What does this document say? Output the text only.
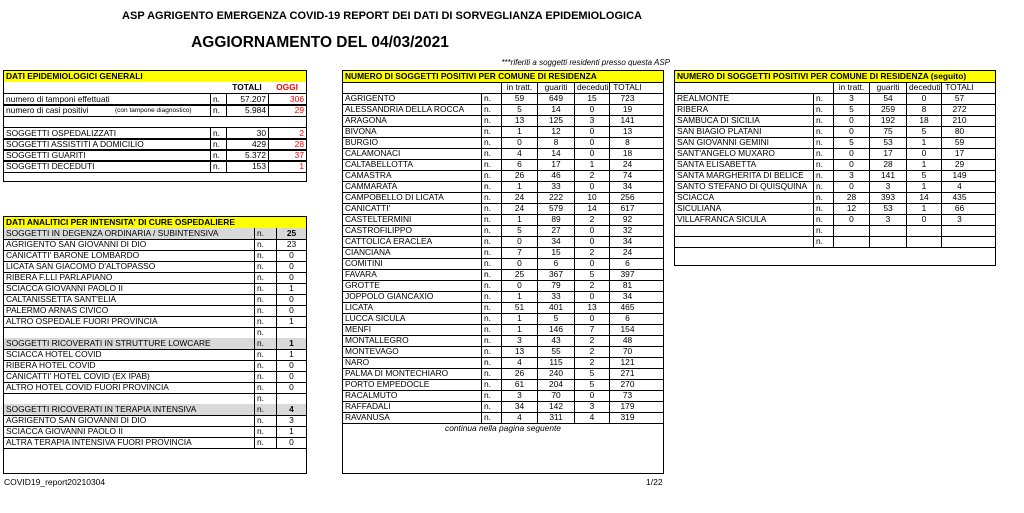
ASP AGRIGENTO EMERGENZA COVID-19 REPORT DEI DATI DI SORVEGLIANZA EPIDEMIOLOGICA
AGGIORNAMENTO DEL 04/03/2021
***riferiti a soggetti residenti presso questa ASP
DATI EPIDEMIOLOGICI GENERALI
TOTALI	OGGI
numero di tamponi effettuati	n.	57.207	306
numero di casi positivi	(con tampone diagnostico)	n.	5.984	29
SOGGETTI OSPEDALIZZATI	n.	30	2
SOGGETTI ASSISTITI A DOMICILIO	n.	429	28
SOGGETTI GUARITI	n.	5.372	37
SOGGETTI DECEDUTI	n.	153	1
DATI ANALITICI PER INTENSITA' DI CURE OSPEDALIERE
SOGGETTI IN DEGENZA ORDINARIA / SUBINTENSIVA	n.	25
AGRIGENTO SAN GIOVANNI DI DIO	n.	23
CANICATTI' BARONE LOMBARDO	n.	0
LICATA SAN GIACOMO D'ALTOPASSO	n.	0
RIBERA F.LLI PARLAPIANO	n.	0
SCIACCA GIOVANNI PAOLO II	n.	1
CALTANISSETTA SANT'ELIA	n.	0
PALERMO ARNAS CIVICO	n.	0
ALTRO OSPEDALE FUORI PROVINCIA	n.	1
n.
SOGGETTI RICOVERATI IN STRUTTURE LOWCARE	n.	1
SCIACCA HOTEL COVID	n.	1
RIBERA HOTEL COVID	n.	0
CANICATTI' HOTEL COVID (EX IPAB)	n.	0
ALTRO HOTEL COVID FUORI PROVINCIA	n.	0
n.
SOGGETTI RICOVERATI IN TERAPIA INTENSIVA	n.	4
AGRIGENTO SAN GIOVANNI DI DIO	n.	3
SCIACCA GIOVANNI PAOLO II	n.	1
ALTRA TERAPIA INTENSIVA FUORI PROVINCIA	n.	0
NUMERO DI SOGGETTI POSITIVI PER COMUNE DI RESIDENZA
in tratt.	guariti	deceduti TOTALI
AGRIGENTO	n.	59	649	15	723
ALESSANDRIA DELLA ROCCA	n.	5	14	0	19
ARAGONA	n.	13	125	3	141
BIVONA	n.	1	12	0	13
BURGIO	n.	0	8	0	8
CALAMONACI	n.	4	14	0	18
CALTABELLOTTA	n.	6	17	1	24
CAMASTRA	n.	26	46	2	74
CAMMARATA	n.	1	33	0	34
CAMPOBELLO DI LICATA	n.	24	222	10	256
CANICATTI'	n.	24	579	14	617
CASTELTERMINI	n.	1	89	2	92
CASTROFILIPPO	n.	5	27	0	32
CATTOLICA ERACLEA	n.	0	34	0	34
CIANCIANA	n.	7	15	2	24
COMITINI	n.	0	6	0	6
FAVARA	n.	25	367	5	397
GROTTE	n.	0	79	2	81
JOPPOLO GIANCAXIO	n.	1	33	0	34
LICATA	n.	51	401	13	465
LUCCA SICULA	n.	1	5	0	6
MENFI	n.	1	146	7	154
MONTALLEGRO	n.	3	43	2	48
MONTEVAGO	n.	13	55	2	70
NARO	n.	4	115	2	121
PALMA DI MONTECHIARO	n.	26	240	5	271
PORTO EMPEDOCLE	n.	61	204	5	270
RACALMUTO	n.	3	70	0	73
RAFFADALI	n.	34	142	3	179
RAVANUSA	n.	4	311	4	319
continua nella pagina seguente
NUMERO DI SOGGETTI POSITIVI PER COMUNE DI RESIDENZA (seguito)
in tratt.	guariti	deceduti TOTALI
REALMONTE	n.	3	54	0	57
RIBERA	n.	5	259	8	272
SAMBUCA DI SICILIA	n.	0	192	18	210
SAN BIAGIO PLATANI	n.	0	75	5	80
SAN GIOVANNI GEMINI	n.	5	53	1	59
SANT'ANGELO MUXARO	n.	0	17	0	17
SANTA ELISABETTA	n.	0	28	1	29
SANTA MARGHERITA DI BELICE	n.	3	141	5	149
SANTO STEFANO DI QUISQUINA	n.	0	3	1	4
SCIACCA	n.	28	393	14	435
SICULIANA	n.	12	53	1	66
VILLAFRANCA SICULA	n.	0	3	0	3
n.
n.
COVID19_report20210304	1/22
